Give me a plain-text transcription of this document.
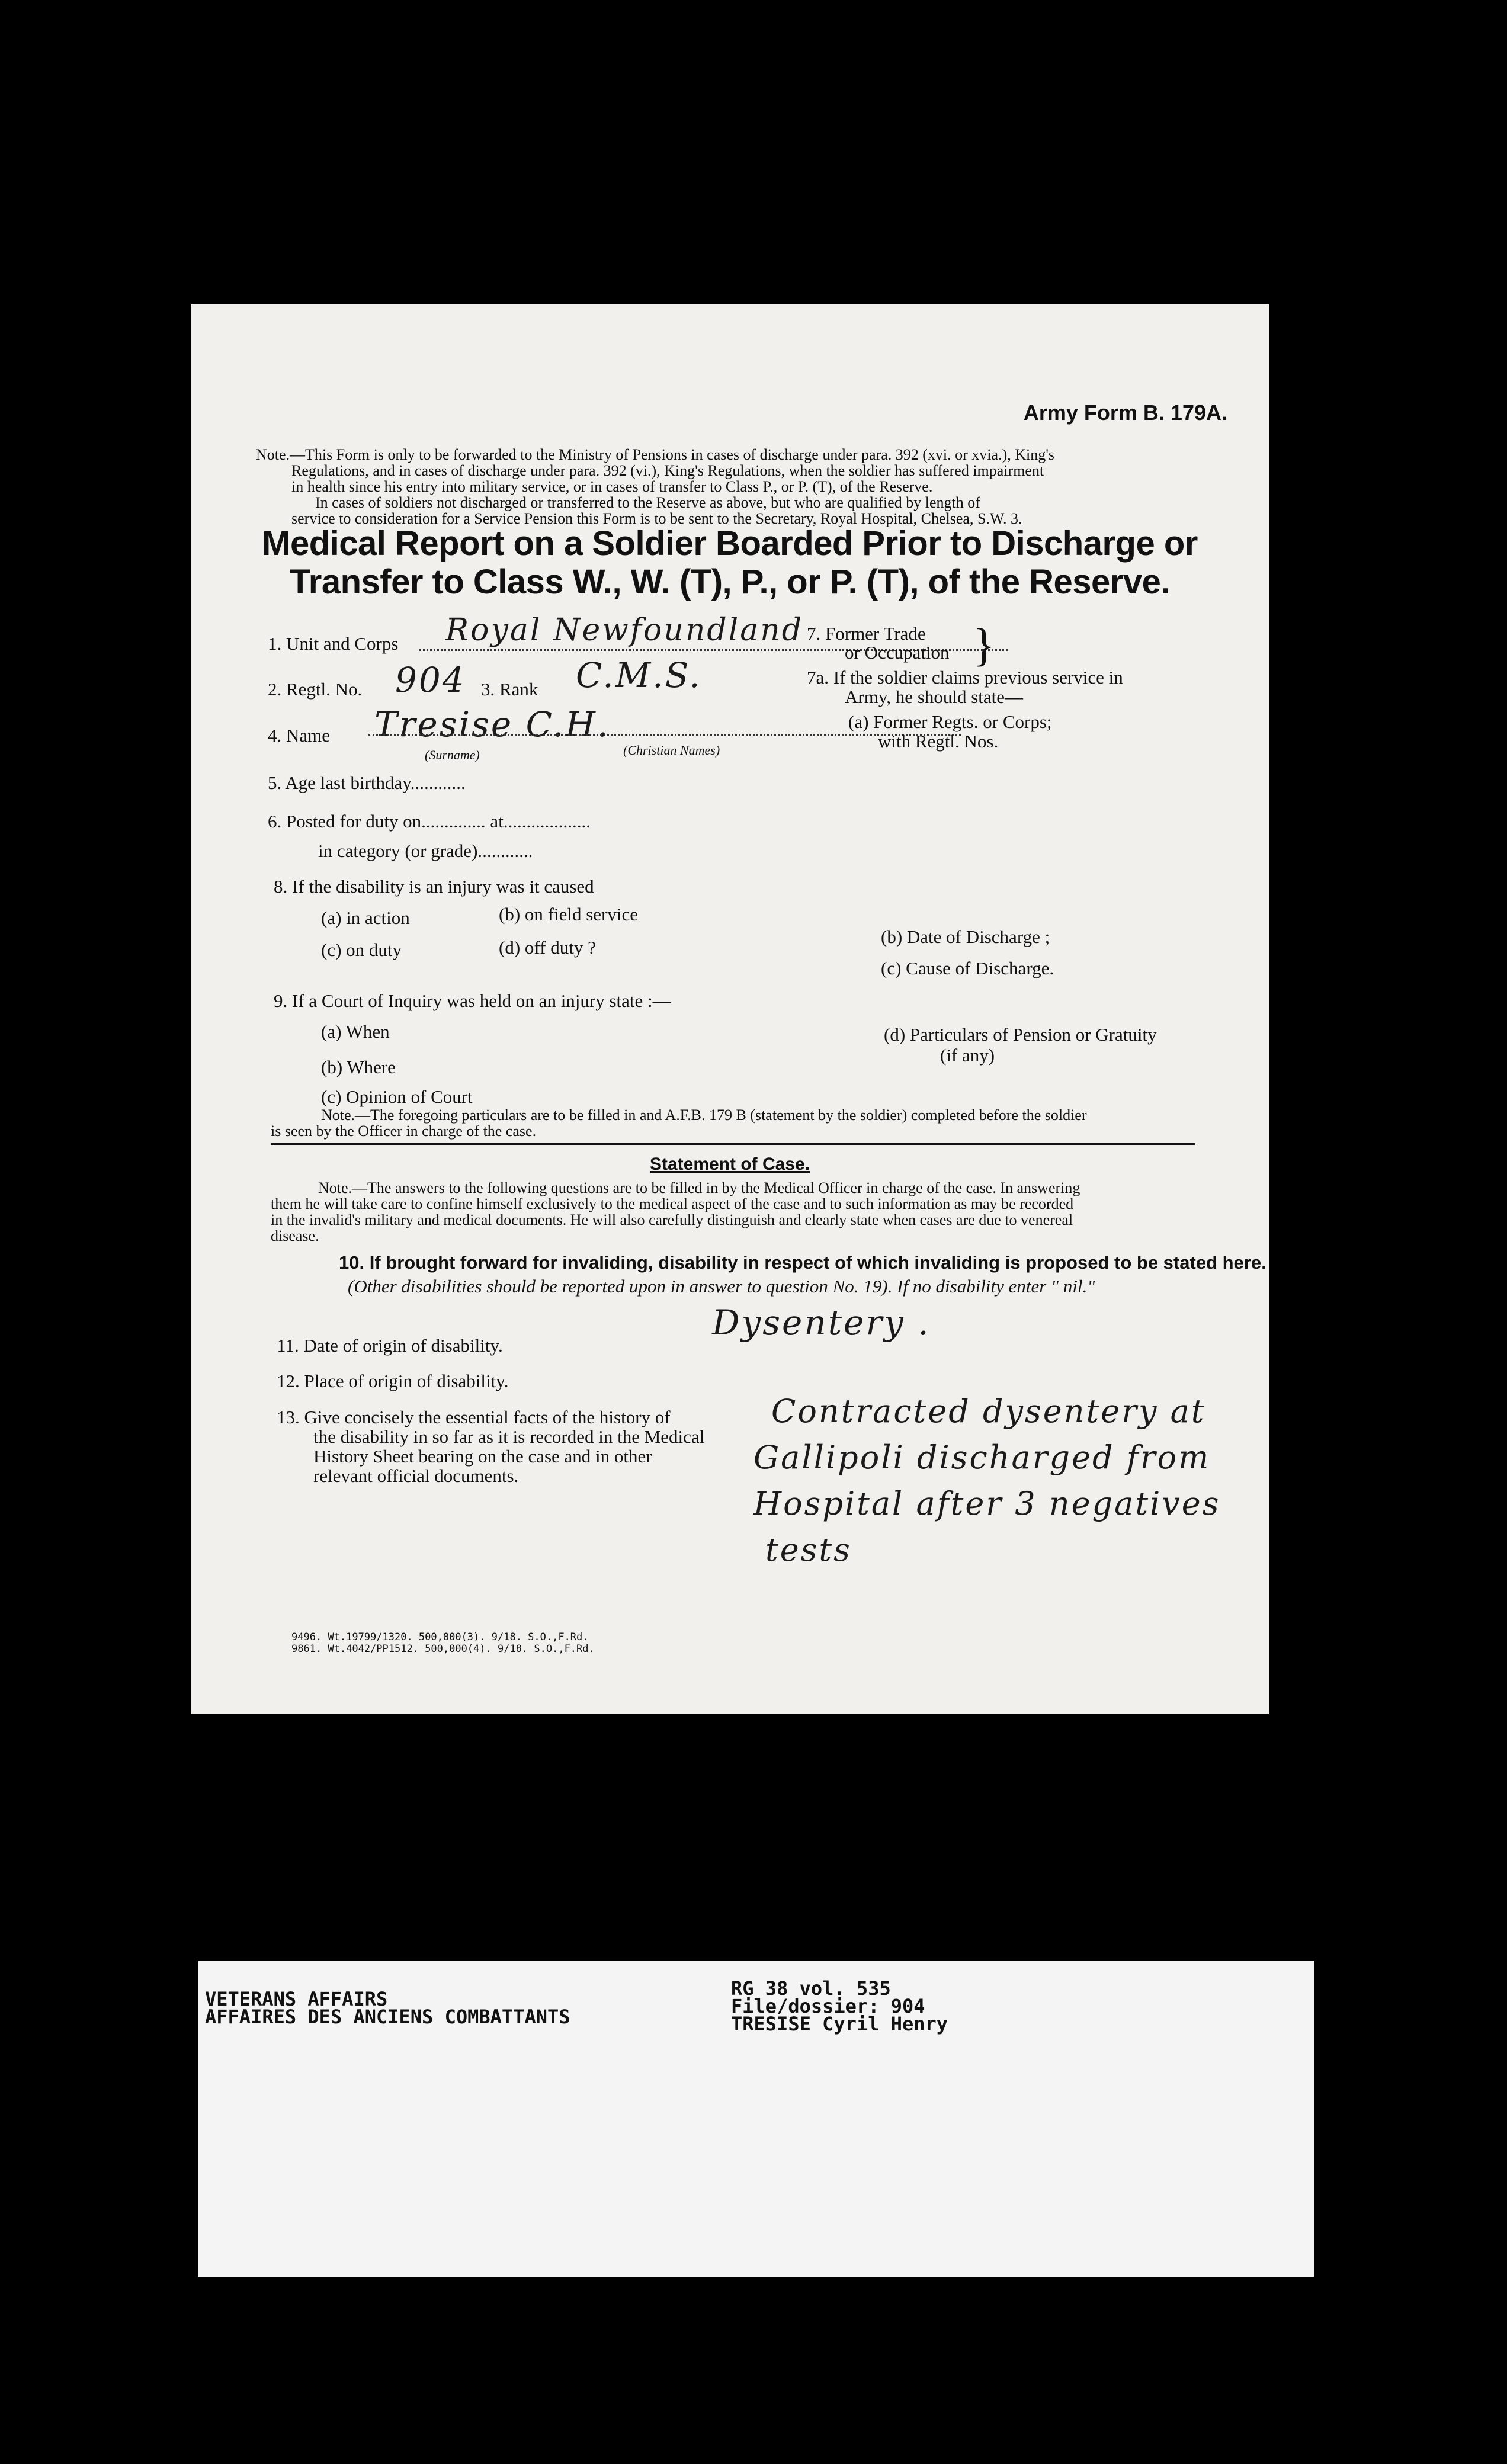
Army Form B. 179A.
Note.—This Form is only to be forwarded to the Ministry of Pensions in cases of discharge under para. 392 (xvi. or xvia.), King's
Regulations, and in cases of discharge under para. 392 (vi.), King's Regulations, when the soldier has suffered impairment
in health since his entry into military service, or in cases of transfer to Class P., or P. (T), of the Reserve.
In cases of soldiers not discharged or transferred to the Reserve as above, but who are qualified by length of
service to consideration for a Service Pension this Form is to be sent to the Secretary, Royal Hospital, Chelsea, S.W. 3.
Medical Report on a Soldier Boarded Prior to Discharge or
Transfer to Class W., W. (T), P., or P. (T), of the Reserve.
1. Unit and Corps Royal Newfoundland
2. Regtl. No. 904 3. Rank C.M.S.
4. Name Tresise C.H.
(Surname)	(Christian Names)
5. Age last birthday............
6. Posted for duty on.............. at...................
in category (or grade)............
7. Former Trade
or Occupation }
7a. If the soldier claims previous service in
Army, he should state—
(a) Former Regts. or Corps;
with Regtl. Nos.
8. If the disability is an injury was it caused
(a) in action	(b) on field service
(c) on duty	(d) off duty ?
(b) Date of Discharge ;
(c) Cause of Discharge.
9. If a Court of Inquiry was held on an injury state :—
(a) When
(b) Where
(c) Opinion of Court
(d) Particulars of Pension or Gratuity
(if any)
Note.—The foregoing particulars are to be filled in and A.F.B. 179 B (statement by the soldier) completed before the soldier
is seen by the Officer in charge of the case.
Statement of Case.
Note.—The answers to the following questions are to be filled in by the Medical Officer in charge of the case. In answering
them he will take care to confine himself exclusively to the medical aspect of the case and to such information as may be recorded
in the invalid's military and medical documents. He will also carefully distinguish and clearly state when cases are due to venereal
disease.
10. If brought forward for invaliding, disability in respect of which invaliding is proposed to be stated here.
(Other disabilities should be reported upon in answer to question No. 19). If no disability enter " nil."
Dysentery .
11. Date of origin of disability.
12. Place of origin of disability.
13. Give concisely the essential facts of the history of
the disability in so far as it is recorded in the Medical
History Sheet bearing on the case and in other
relevant official documents.
Contracted dysentery at
Gallipoli discharged from
Hospital after 3 negatives
tests
9496. Wt.19799/1320. 500,000(3). 9/18. S.O.,F.Rd.
9861. Wt.4042/PP1512. 500,000(4). 9/18. S.O.,F.Rd.
VETERANS AFFAIRS
AFFAIRES DES ANCIENS COMBATTANTS
RG 38 vol. 535
File/dossier: 904
TRESISE Cyril Henry
